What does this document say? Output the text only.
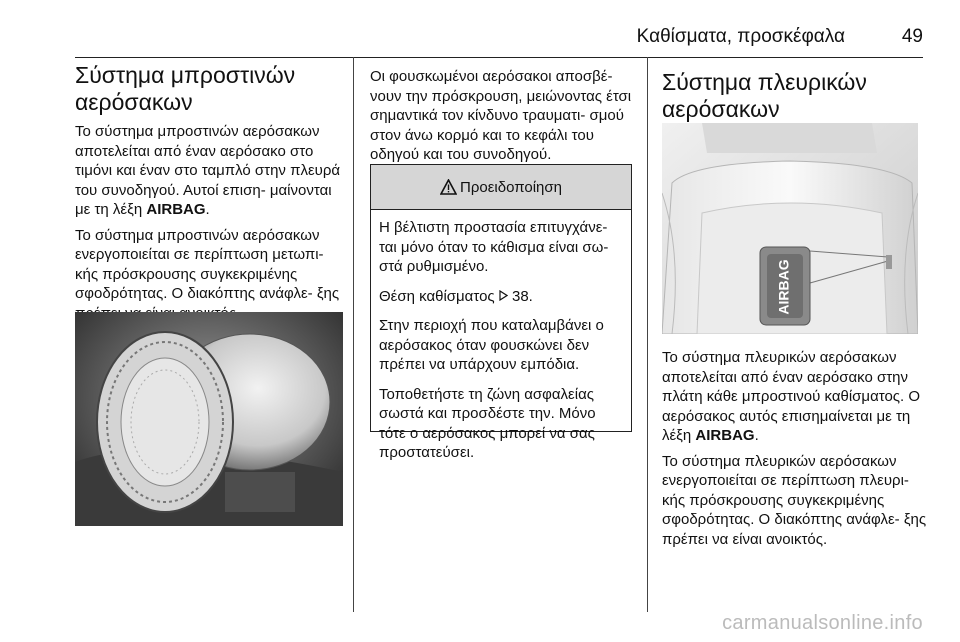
Καθίσματα, προσκέφαλα	49
Σύστημα μπροστινών αερόσακων

Το σύστημα μπροστινών αερόσακων αποτελείται από έναν αερόσακο στο τιμόνι και έναν στο ταμπλό στην πλευρά του συνοδηγού. Αυτοί επιση‐ μαίνονται με τη λέξη AIRBAG.

Το σύστημα μπροστινών αερόσακων ενεργοποιείται σε περίπτωση μετωπι‐ κής πρόσκρουσης συγκεκριμένης σφοδρότητας. Ο διακόπτης ανάφλε‐ ξης

Οι φουσκωμένοι αερόσακοι αποσβέ‐ νουν την πρόσκρουση, μειώνοντας έτσι σημαντικά τον κίνδυνο τραυματι‐ σμού στον άνω κορμό και το κεφάλι του οδηγού και του συνοδηγού.

Προειδοποίηση

Η βέλτιστη προστασία επιτυγχάνε‐ ται μόνο όταν το κάθισμα είναι σω‐ στά ρυθμισμένο.

Θέση καθίσματος  38.

Στην περιοχή που καταλαμβάνει ο αερόσακος όταν φουσκώνει δεν πρέπει να υπάρχουν εμπόδια.

Τοποθετήστε τη ζώνη ασφαλείας σωστά και προσδέστε την. Μόνο τότε ο αερόσακος μπορεί να σας προστατεύσει.

Σύστημα πλευρικών αερόσακων
AIRBAG

Το σύστημα πλευρικών αερόσακων αποτελείται από έναν αερόσακο στην πλάτη κάθε μπροστινού καθίσματος. Ο αερόσακος αυτός επισημαίνεται με τη λέξη AIRBAG.

Το σύστημα πλευρικών αερόσακων ενεργοποιείται σε περίπτωση πλευρι‐ κής πρόσκρουσης συγκεκριμένης σφοδρότητας. Ο διακόπτης ανάφλε‐ ξης πρέπει να είναι ανοικτός.

carmanualsonline.info
